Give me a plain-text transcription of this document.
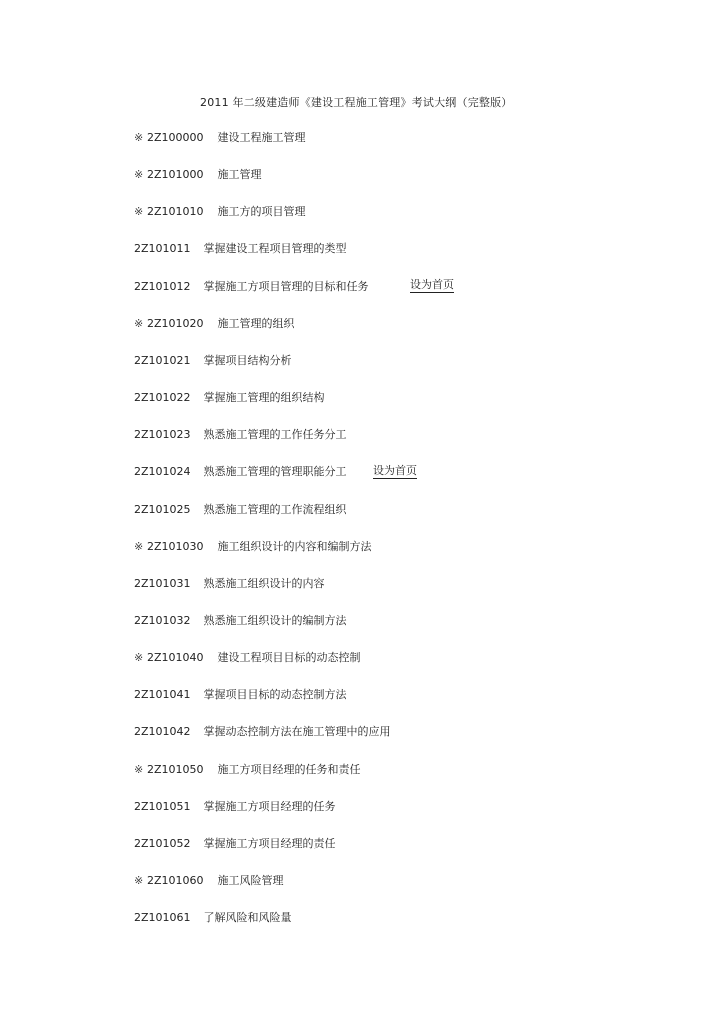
2011 年二级建造师《建设工程施工管理》考试大纲（完整版）
※ 2Z100000 建设工程施工管理
※ 2Z101000 施工管理
※ 2Z101010 施工方的项目管理
2Z101011 掌握建设工程项目管理的类型
2Z101012 掌握施工方项目管理的目标和任务
※ 2Z101020 施工管理的组织
2Z101021 掌握项目结构分析
2Z101022 掌握施工管理的组织结构
2Z101023 熟悉施工管理的工作任务分工
2Z101024 熟悉施工管理的管理职能分工
2Z101025 熟悉施工管理的工作流程组织
※ 2Z101030 施工组织设计的内容和编制方法
2Z101031 熟悉施工组织设计的内容
2Z101032 熟悉施工组织设计的编制方法
※ 2Z101040 建设工程项目目标的动态控制
2Z101041 掌握项目目标的动态控制方法
2Z101042 掌握动态控制方法在施工管理中的应用
※ 2Z101050 施工方项目经理的任务和责任
2Z101051 掌握施工方项目经理的任务
2Z101052 掌握施工方项目经理的责任
※ 2Z101060 施工风险管理
2Z101061 了解风险和风险量
设为首页
设为首页
